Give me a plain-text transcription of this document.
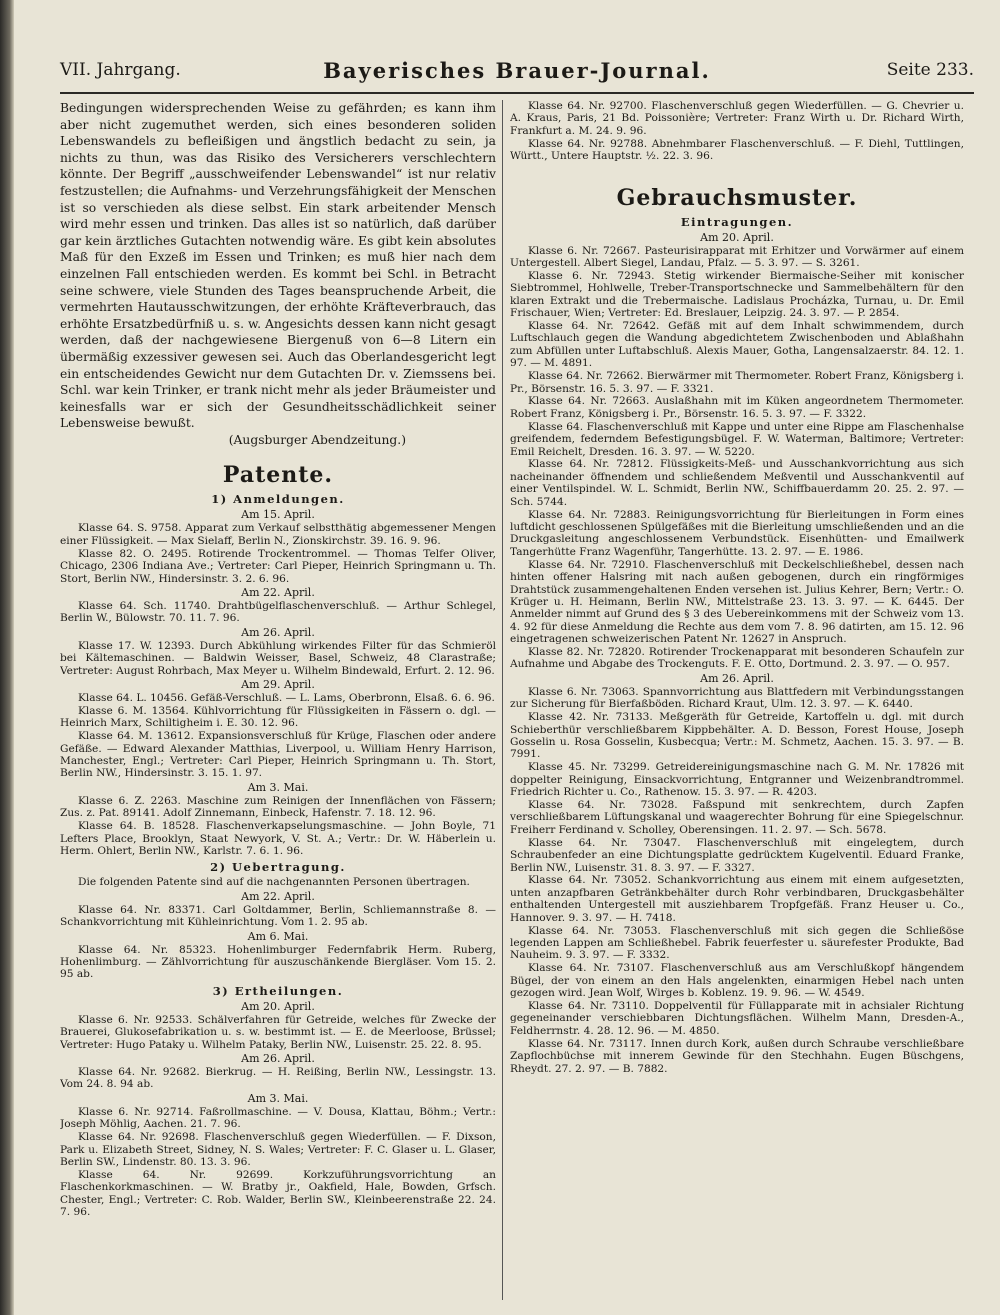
VII. Jahrgang.	Bayerisches Brauer-Journal.	Seite 233.

Bedingungen widersprechenden Weise zu gefährden; es kann ihm aber nicht zugemuthet werden, sich eines besonderen soliden Lebenswandels zu befleißigen und ängstlich bedacht zu sein, ja nichts zu thun, was das Risiko des Versicherers verschlechtern könnte. Der Begriff „ausschweifender Lebenswandel“ ist nur relativ festzustellen; die Aufnahms- und Verzehrungsfähigkeit der Menschen ist so verschieden als diese selbst. Ein stark arbeitender Mensch wird mehr essen und trinken. Das alles ist so natürlich, daß darüber gar kein ärztliches Gutachten notwendig wäre. Es gibt kein absolutes Maß für den Exzeß im Essen und Trinken; es muß hier nach dem einzelnen Fall entschieden werden. Es kommt bei Schl. in Betracht seine schwere, viele Stunden des Tages beanspruchende Arbeit, die vermehrten Hautausschwitzungen, der erhöhte Kräfteverbrauch, das erhöhte Ersatzbedürfniß u. s. w. Angesichts dessen kann nicht gesagt werden, daß der nachgewiesene Biergenuß von 6—8 Litern ein übermäßig exzessiver gewesen sei. Auch das Oberlandesgericht legt ein entscheidendes Gewicht nur dem Gutachten Dr. v. Ziemssens bei. Schl. war kein Trinker, er trank nicht mehr als jeder Bräumeister und keinesfalls war er sich der Gesundheitsschädlichkeit seiner Lebensweise bewußt.

(Augsburger Abendzeitung.)

Patente.
1) Anmeldungen.
Am 15. April.

Klasse 64. S. 9758. Apparat zum Verkauf selbstthätig abgemessener Mengen einer Flüssigkeit. — Max Sielaff, Berlin N., Zionskirchstr. 39. 16. 9. 96.

Klasse 82. O. 2495. Rotirende Trockentrommel. — Thomas Telfer Oliver, Chicago, 2306 Indiana Ave.; Vertreter: Carl Pieper, Heinrich Springmann u. Th. Stort, Berlin NW., Hindersinstr. 3. 2. 6. 96.

Am 22. April.

Klasse 64. Sch. 11740. Drahtbügelflaschenverschluß. — Arthur Schlegel, Berlin W., Bülowstr. 70. 11. 7. 96.

Am 26. April.

Klasse 17. W. 12393. Durch Abkühlung wirkendes Filter für das Schmieröl bei Kältemaschinen. — Baldwin Weisser, Basel, Schweiz, 48 Clarastraße; Vertreter: August Rohrbach, Max Meyer u. Wilhelm Bindewald, Erfurt. 2. 12. 96.

Am 29. April.

Klasse 64. L. 10456. Gefäß-Verschluß. — L. Lams, Oberbronn, Elsaß. 6. 6. 96.

Klasse 6. M. 13564. Kühlvorrichtung für Flüssigkeiten in Fässern o. dgl. — Heinrich Marx, Schiltigheim i. E. 30. 12. 96.

Klasse 64. M. 13612. Expansionsverschluß für Krüge, Flaschen oder andere Gefäße. — Edward Alexander Matthias, Liverpool, u. William Henry Harrison, Manchester, Engl.; Vertreter: Carl Pieper, Heinrich Springmann u. Th. Stort, Berlin NW., Hindersinstr. 3. 15. 1. 97.

Am 3. Mai.

Klasse 6. Z. 2263. Maschine zum Reinigen der Innenflächen von Fässern; Zus. z. Pat. 89141. Adolf Zinnemann, Einbeck, Hafenstr. 7. 18. 12. 96.

Klasse 64. B. 18528. Flaschenverkapselungsmaschine. — John Boyle, 71 Lefters Place, Brooklyn, Staat Newyork, V. St. A.; Vertr.: Dr. W. Häberlein u. Herm. Ohlert, Berlin NW., Karlstr. 7. 6. 1. 96.

2) Uebertragung.

Die folgenden Patente sind auf die nachgenannten Personen übertragen.

Am 22. April.

Klasse 64. Nr. 83371. Carl Goltdammer, Berlin, Schliemannstraße 8. — Schankvorrichtung mit Kühleinrichtung. Vom 1. 2. 95 ab.

Am 6. Mai.

Klasse 64. Nr. 85323. Hohenlimburger Federnfabrik Herm. Ruberg, Hohenlimburg. — Zählvorrichtung für auszuschänkende Biergläser. Vom 15. 2. 95 ab.

3) Ertheilungen.
Am 20. April.

Klasse 6. Nr. 92533. Schälverfahren für Getreide, welches für Zwecke der Brauerei, Glukosefabrikation u. s. w. bestimmt ist. — E. de Meerloose, Brüssel; Vertreter: Hugo Pataky u. Wilhelm Pataky, Berlin NW., Luisenstr. 25. 22. 8. 95.

Am 26. April.

Klasse 64. Nr. 92682. Bierkrug. — H. Reißing, Berlin NW., Lessingstr. 13. Vom 24. 8. 94 ab.

Am 3. Mai.

Klasse 6. Nr. 92714. Faßrollmaschine. — V. Dousa, Klattau, Böhm.; Vertr.: Joseph Möhlig, Aachen. 21. 7. 96.

Klasse 64. Nr. 92698. Flaschenverschluß gegen Wiederfüllen. — F. Dixson, Park u. Elizabeth Street, Sidney, N. S. Wales; Vertreter: F. C. Glaser u. L. Glaser, Berlin SW., Lindenstr. 80. 13. 3. 96.

Klasse 64. Nr. 92699. Korkzuführungsvorrichtung an Flaschenkorkmaschinen. — W. Bratby jr., Oakfield, Hale, Bowden, Grfsch. Chester, Engl.; Vertreter: C. Rob. Walder, Berlin SW., Kleinbeerenstraße 22. 24. 7. 96.

Klasse 64. Nr. 92700. Flaschenverschluß gegen Wiederfüllen. — G. Chevrier u. A. Kraus, Paris, 21 Bd. Poissonière; Vertreter: Franz Wirth u. Dr. Richard Wirth, Frankfurt a. M. 24. 9. 96.

Klasse 64. Nr. 92788. Abnehmbarer Flaschenverschluß. — F. Diehl, Tuttlingen, Württ., Untere Hauptstr. ½. 22. 3. 96.

Gebrauchsmuster.
Eintragungen.
Am 20. April.

Klasse 6. Nr. 72667. Pasteurisirapparat mit Erhitzer und Vorwärmer auf einem Untergestell. Albert Siegel, Landau, Pfalz. — 5. 3. 97. — S. 3261.

Klasse 6. Nr. 72943. Stetig wirkender Biermaische-Seiher mit konischer Siebtrommel, Hohlwelle, Treber-Transportschnecke und Sammelbehältern für den klaren Extrakt und die Trebermaische. Ladislaus Procházka, Turnau, u. Dr. Emil Frischauer, Wien; Vertreter: Ed. Breslauer, Leipzig. 24. 3. 97. — P. 2854.

Klasse 64. Nr. 72642. Gefäß mit auf dem Inhalt schwimmendem, durch Luftschlauch gegen die Wandung abgedichtetem Zwischenboden und Ablaßhahn zum Abfüllen unter Luftabschluß. Alexis Mauer, Gotha, Langensalzaerstr. 84. 12. 1. 97. — M. 4891.

Klasse 64. Nr. 72662. Bierwärmer mit Thermometer. Robert Franz, Königsberg i. Pr., Börsenstr. 16. 5. 3. 97. — F. 3321.

Klasse 64. Nr. 72663. Auslaßhahn mit im Küken angeordnetem Thermometer. Robert Franz, Königsberg i. Pr., Börsenstr. 16. 5. 3. 97. — F. 3322.

Klasse 64. Flaschenverschluß mit Kappe und unter eine Rippe am Flaschenhalse greifendem, federndem Befestigungsbügel. F. W. Waterman, Baltimore; Vertreter: Emil Reichelt, Dresden. 16. 3. 97. — W. 5220.

Klasse 64. Nr. 72812. Flüssigkeits-Meß- und Ausschankvorrichtung aus sich nacheinander öffnendem und schließendem Meßventil und Ausschankventil auf einer Ventilspindel. W. L. Schmidt, Berlin NW., Schiffbauerdamm 20. 25. 2. 97. — Sch. 5744.

Klasse 64. Nr. 72883. Reinigungsvorrichtung für Bierleitungen in Form eines luftdicht geschlossenen Spülgefäßes mit die Bierleitung umschließenden und an die Druckgasleitung angeschlossenem Verbundstück. Eisenhütten- und Emailwerk Tangerhütte Franz Wagenführ, Tangerhütte. 13. 2. 97. — E. 1986.

Klasse 64. Nr. 72910. Flaschenverschluß mit Deckelschließhebel, dessen nach hinten offener Halsring mit nach außen gebogenen, durch ein ringförmiges Drahtstück zusammengehaltenen Enden versehen ist. Julius Kehrer, Bern; Vertr.: O. Krüger u. H. Heimann, Berlin NW., Mittelstraße 23. 13. 3. 97. — K. 6445. Der Anmelder nimmt auf Grund des § 3 des Uebereinkommens mit der Schweiz vom 13. 4. 92 für diese Anmeldung die Rechte aus dem vom 7. 8. 96 datirten, am 15. 12. 96 eingetragenen schweizerischen Patent Nr. 12627 in Anspruch.

Klasse 82. Nr. 72820. Rotirender Trockenapparat mit besonderen Schaufeln zur Aufnahme und Abgabe des Trockenguts. F. E. Otto, Dortmund. 2. 3. 97. — O. 957.

Am 26. April.

Klasse 6. Nr. 73063. Spannvorrichtung aus Blattfedern mit Verbindungsstangen zur Sicherung für Bierfaßböden. Richard Kraut, Ulm. 12. 3. 97. — K. 6440.

Klasse 42. Nr. 73133. Meßgeräth für Getreide, Kartoffeln u. dgl. mit durch Schieberthür verschließbarem Kippbehälter. A. D. Besson, Forest House, Joseph Gosselin u. Rosa Gosselin, Kusbecqua; Vertr.: M. Schmetz, Aachen. 15. 3. 97. — B. 7991.

Klasse 45. Nr. 73299. Getreidereinigungsmaschine nach G. M. Nr. 17826 mit doppelter Reinigung, Einsackvorrichtung, Entgranner und Weizenbrandtrommel. Friedrich Richter u. Co., Rathenow. 15. 3. 97. — R. 4203.

Klasse 64. Nr. 73028. Faßspund mit senkrechtem, durch Zapfen verschließbarem Lüftungskanal und waagerechter Bohrung für eine Spiegelschnur. Freiherr Ferdinand v. Scholley, Oberensingen. 11. 2. 97. — Sch. 5678.

Klasse 64. Nr. 73047. Flaschenverschluß mit eingelegtem, durch Schraubenfeder an eine Dichtungsplatte gedrücktem Kugelventil. Eduard Franke, Berlin NW., Luisenstr. 31. 8. 3. 97. — F. 3327.

Klasse 64. Nr. 73052. Schankvorrichtung aus einem mit einem aufgesetzten, unten anzapfbaren Getränkbehälter durch Rohr verbindbaren, Druckgasbehälter enthaltenden Untergestell mit ausziehbarem Tropfgefäß. Franz Heuser u. Co., Hannover. 9. 3. 97. — H. 7418.

Klasse 64. Nr. 73053. Flaschenverschluß mit sich gegen die Schließöse legenden Lappen am Schließhebel. Fabrik feuerfester u. säurefester Produkte, Bad Nauheim. 9. 3. 97. — F. 3332.

Klasse 64. Nr. 73107. Flaschenverschluß aus am Verschlußkopf hängendem Bügel, der von einem an den Hals angelenkten, einarmigen Hebel nach unten gezogen wird. Jean Wolf, Wirges b. Koblenz. 19. 9. 96. — W. 4549.

Klasse 64. Nr. 73110. Doppelventil für Füllapparate mit in achsialer Richtung gegeneinander verschiebbaren Dichtungsflächen. Wilhelm Mann, Dresden-A., Feldherrnstr. 4. 28. 12. 96. — M. 4850.

Klasse 64. Nr. 73117. Innen durch Kork, außen durch Schraube verschließbare Zapflochbüchse mit innerem Gewinde für den Stechhahn. Eugen Büschgens, Rheydt. 27. 2. 97. — B. 7882.
